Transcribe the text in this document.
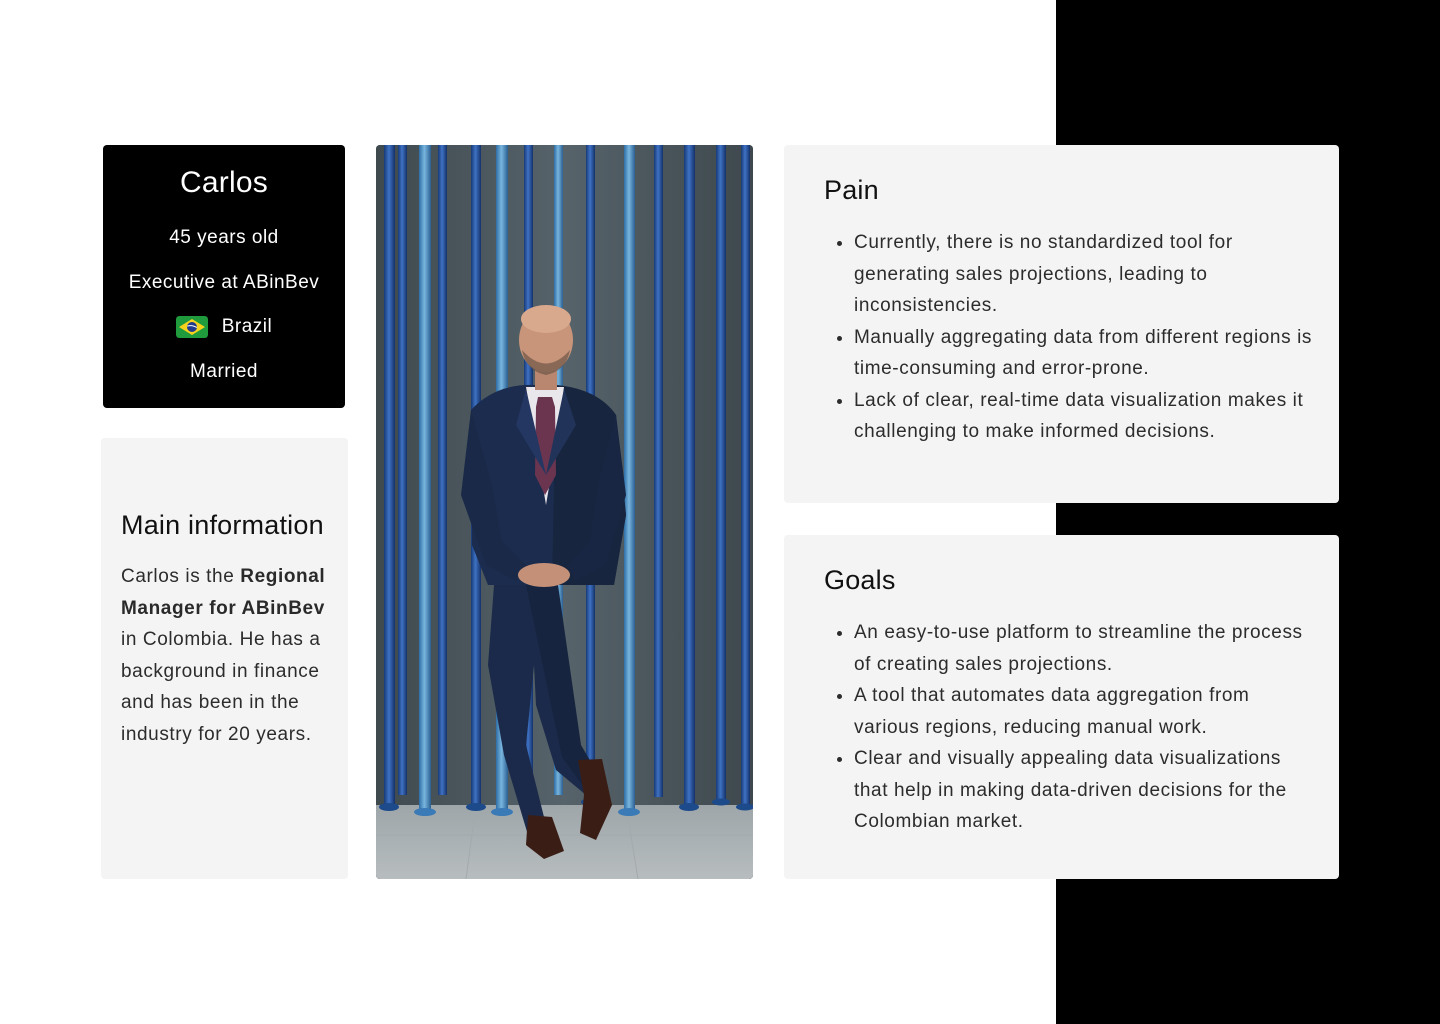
Carlos
45 years old
Executive at ABinBev
Brazil
Married
Main information

Carlos is the Regional Manager for ABinBev in Colombia. He has a background in finance and has been in the industry for 20 years.

Pain
Currently, there is no standardized tool for generating sales projections, leading to inconsistencies.
Manually aggregating data from different regions is time-consuming and error-prone.
Lack of clear, real-time data visualization makes it challenging to make informed decisions.
Goals
An easy-to-use platform to streamline the process of creating sales projections.
A tool that automates data aggregation from various regions, reducing manual work.
Clear and visually appealing data visualizations that help in making data-driven decisions for the Colombian market.
